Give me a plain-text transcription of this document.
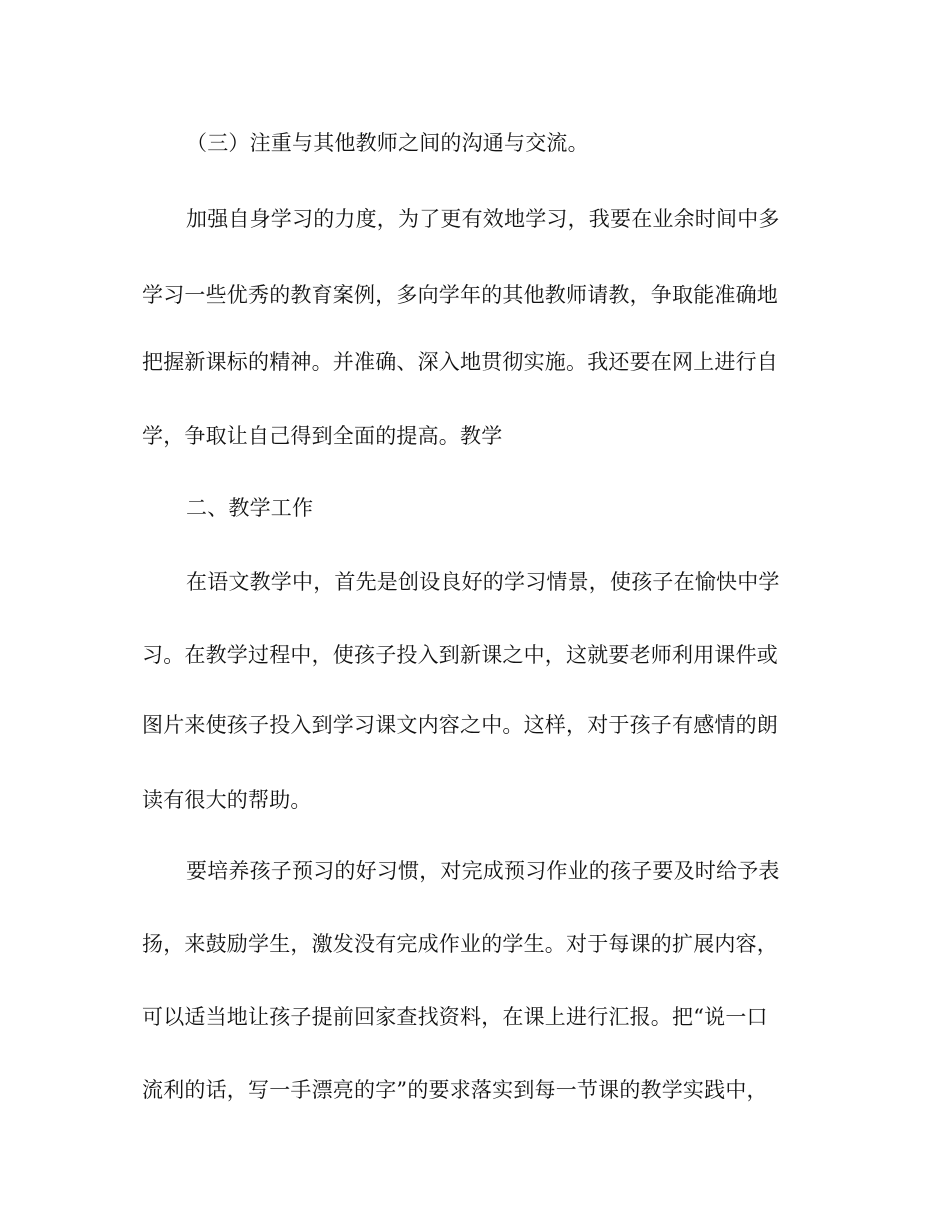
（三）注重与其他教师之间的沟通与交流。
加强自身学习的力度，为了更有效地学习，我要在业余时间中多
学习一些优秀的教育案例，多向学年的其他教师请教，争取能准确地
把握新课标的精神。并准确、深入地贯彻实施。我还要在网上进行自
学，争取让自己得到全面的提高。教学
二、教学工作
在语文教学中，首先是创设良好的学习情景，使孩子在愉快中学
习。在教学过程中，使孩子投入到新课之中，这就要老师利用课件或
图片来使孩子投入到学习课文内容之中。这样，对于孩子有感情的朗
读有很大的帮助。
要培养孩子预习的好习惯，对完成预习作业的孩子要及时给予表
扬，来鼓励学生，激发没有完成作业的学生。对于每课的扩展内容，
可以适当地让孩子提前回家查找资料，在课上进行汇报。把“说一口
流利的话，写一手漂亮的字”的要求落实到每一节课的教学实践中，
